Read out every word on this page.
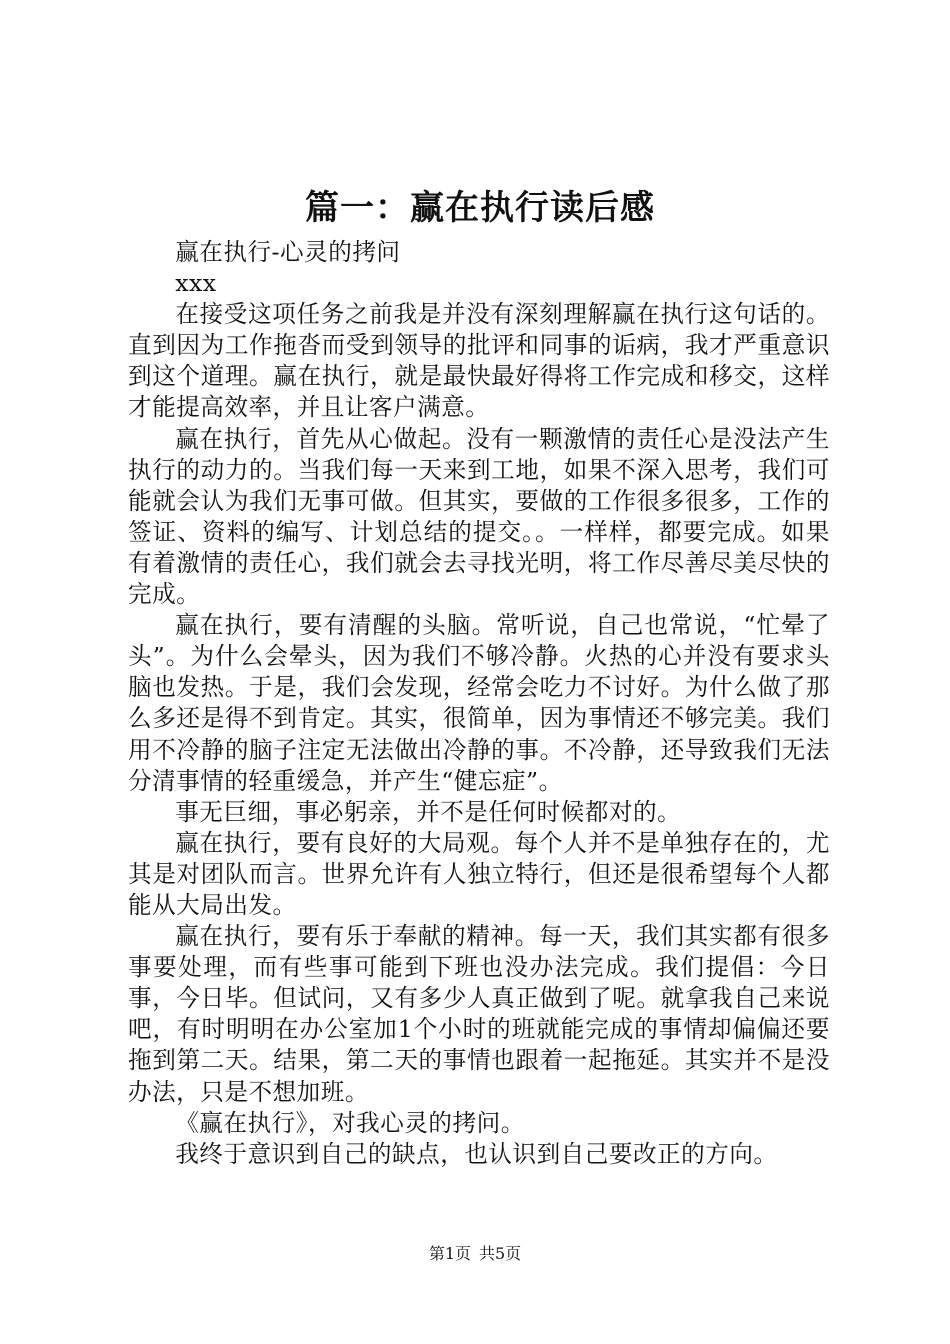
篇一：赢在执行读后感

赢在执行-心灵的拷问

xxx

在接受这项任务之前我是并没有深刻理解赢在执行这句话的。直到因为工作拖沓而受到领导的批评和同事的诟病，我才严重意识到这个道理。赢在执行，就是最快最好得将工作完成和移交，这样才能提高效率，并且让客户满意。

赢在执行，首先从心做起。没有一颗激情的责任心是没法产生执行的动力的。当我们每一天来到工地，如果不深入思考，我们可能就会认为我们无事可做。但其实，要做的工作很多很多，工作的签证、资料的编写、计划总结的提交。。一样样，都要完成。如果有着激情的责任心，我们就会去寻找光明，将工作尽善尽美尽快的完成。

赢在执行，要有清醒的头脑。常听说，自己也常说，“忙晕了头”。为什么会晕头，因为我们不够冷静。火热的心并没有要求头脑也发热。于是，我们会发现，经常会吃力不讨好。为什么做了那么多还是得不到肯定。其实，很简单，因为事情还不够完美。我们用不冷静的脑子注定无法做出冷静的事。不冷静，还导致我们无法分清事情的轻重缓急，并产生“健忘症”。

事无巨细，事必躬亲，并不是任何时候都对的。

赢在执行，要有良好的大局观。每个人并不是单独存在的，尤其是对团队而言。世界允许有人独立特行，但还是很希望每个人都能从大局出发。

赢在执行，要有乐于奉献的精神。每一天，我们其实都有很多事要处理，而有些事可能到下班也没办法完成。我们提倡：今日事，今日毕。但试问，又有多少人真正做到了呢。就拿我自己来说吧，有时明明在办公室加1个小时的班就能完成的事情却偏偏还要拖到第二天。结果，第二天的事情也跟着一起拖延。其实并不是没办法，只是不想加班。

《赢在执行》，对我心灵的拷问。

我终于意识到自己的缺点，也认识到自己要改正的方向。

第1页 共5页
